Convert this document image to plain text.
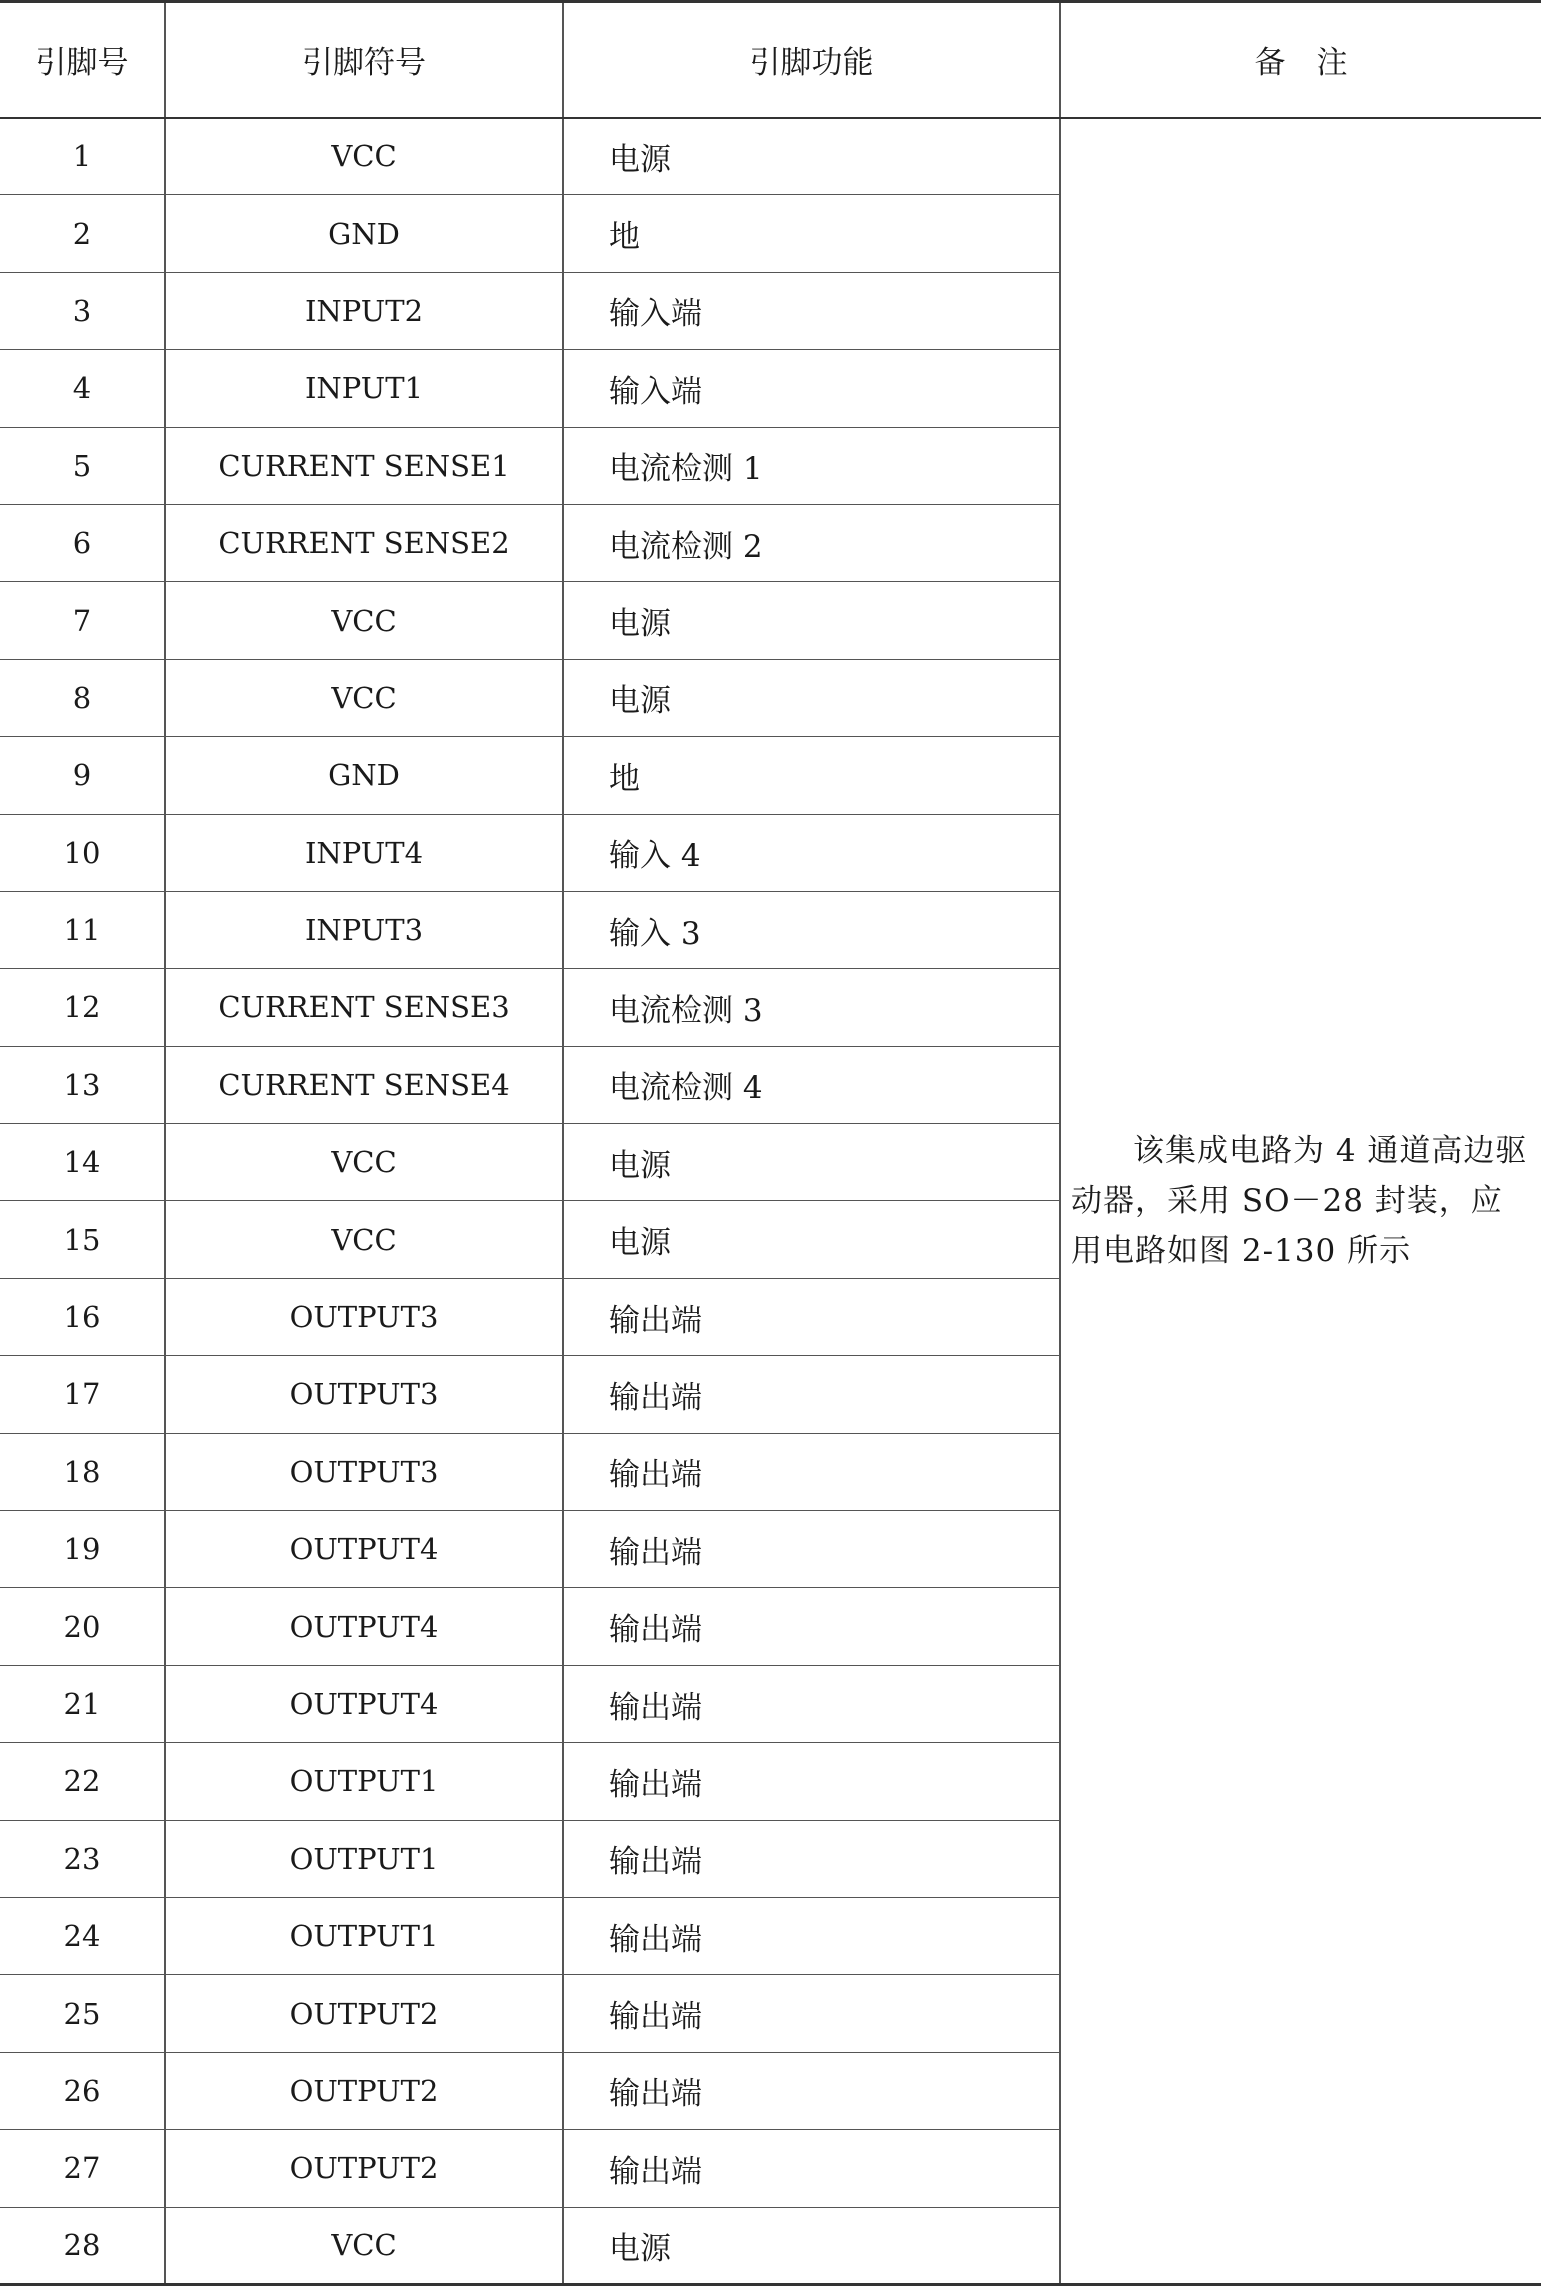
引脚号	引脚符号	引脚功能	备　注
1	VCC	电源	该集成电路为 4 通道高边驱动器，采用 SO－28 封装，应用电路如图 2-130 所示
2	GND	地	
3	INPUT2	输入端	
4	INPUT1	输入端	
5	CURRENT SENSE1	电流检测 1	
6	CURRENT SENSE2	电流检测 2	
7	VCC	电源	
8	VCC	电源	
9	GND	地	
10	INPUT4	输入 4	
11	INPUT3	输入 3	
12	CURRENT SENSE3	电流检测 3	
13	CURRENT SENSE4	电流检测 4	
14	VCC	电源	
15	VCC	电源	
16	OUTPUT3	输出端	
17	OUTPUT3	输出端	
18	OUTPUT3	输出端	
19	OUTPUT4	输出端	
20	OUTPUT4	输出端	
21	OUTPUT4	输出端	
22	OUTPUT1	输出端	
23	OUTPUT1	输出端	
24	OUTPUT1	输出端	
25	OUTPUT2	输出端	
26	OUTPUT2	输出端	
27	OUTPUT2	输出端	
28	VCC	电源	
